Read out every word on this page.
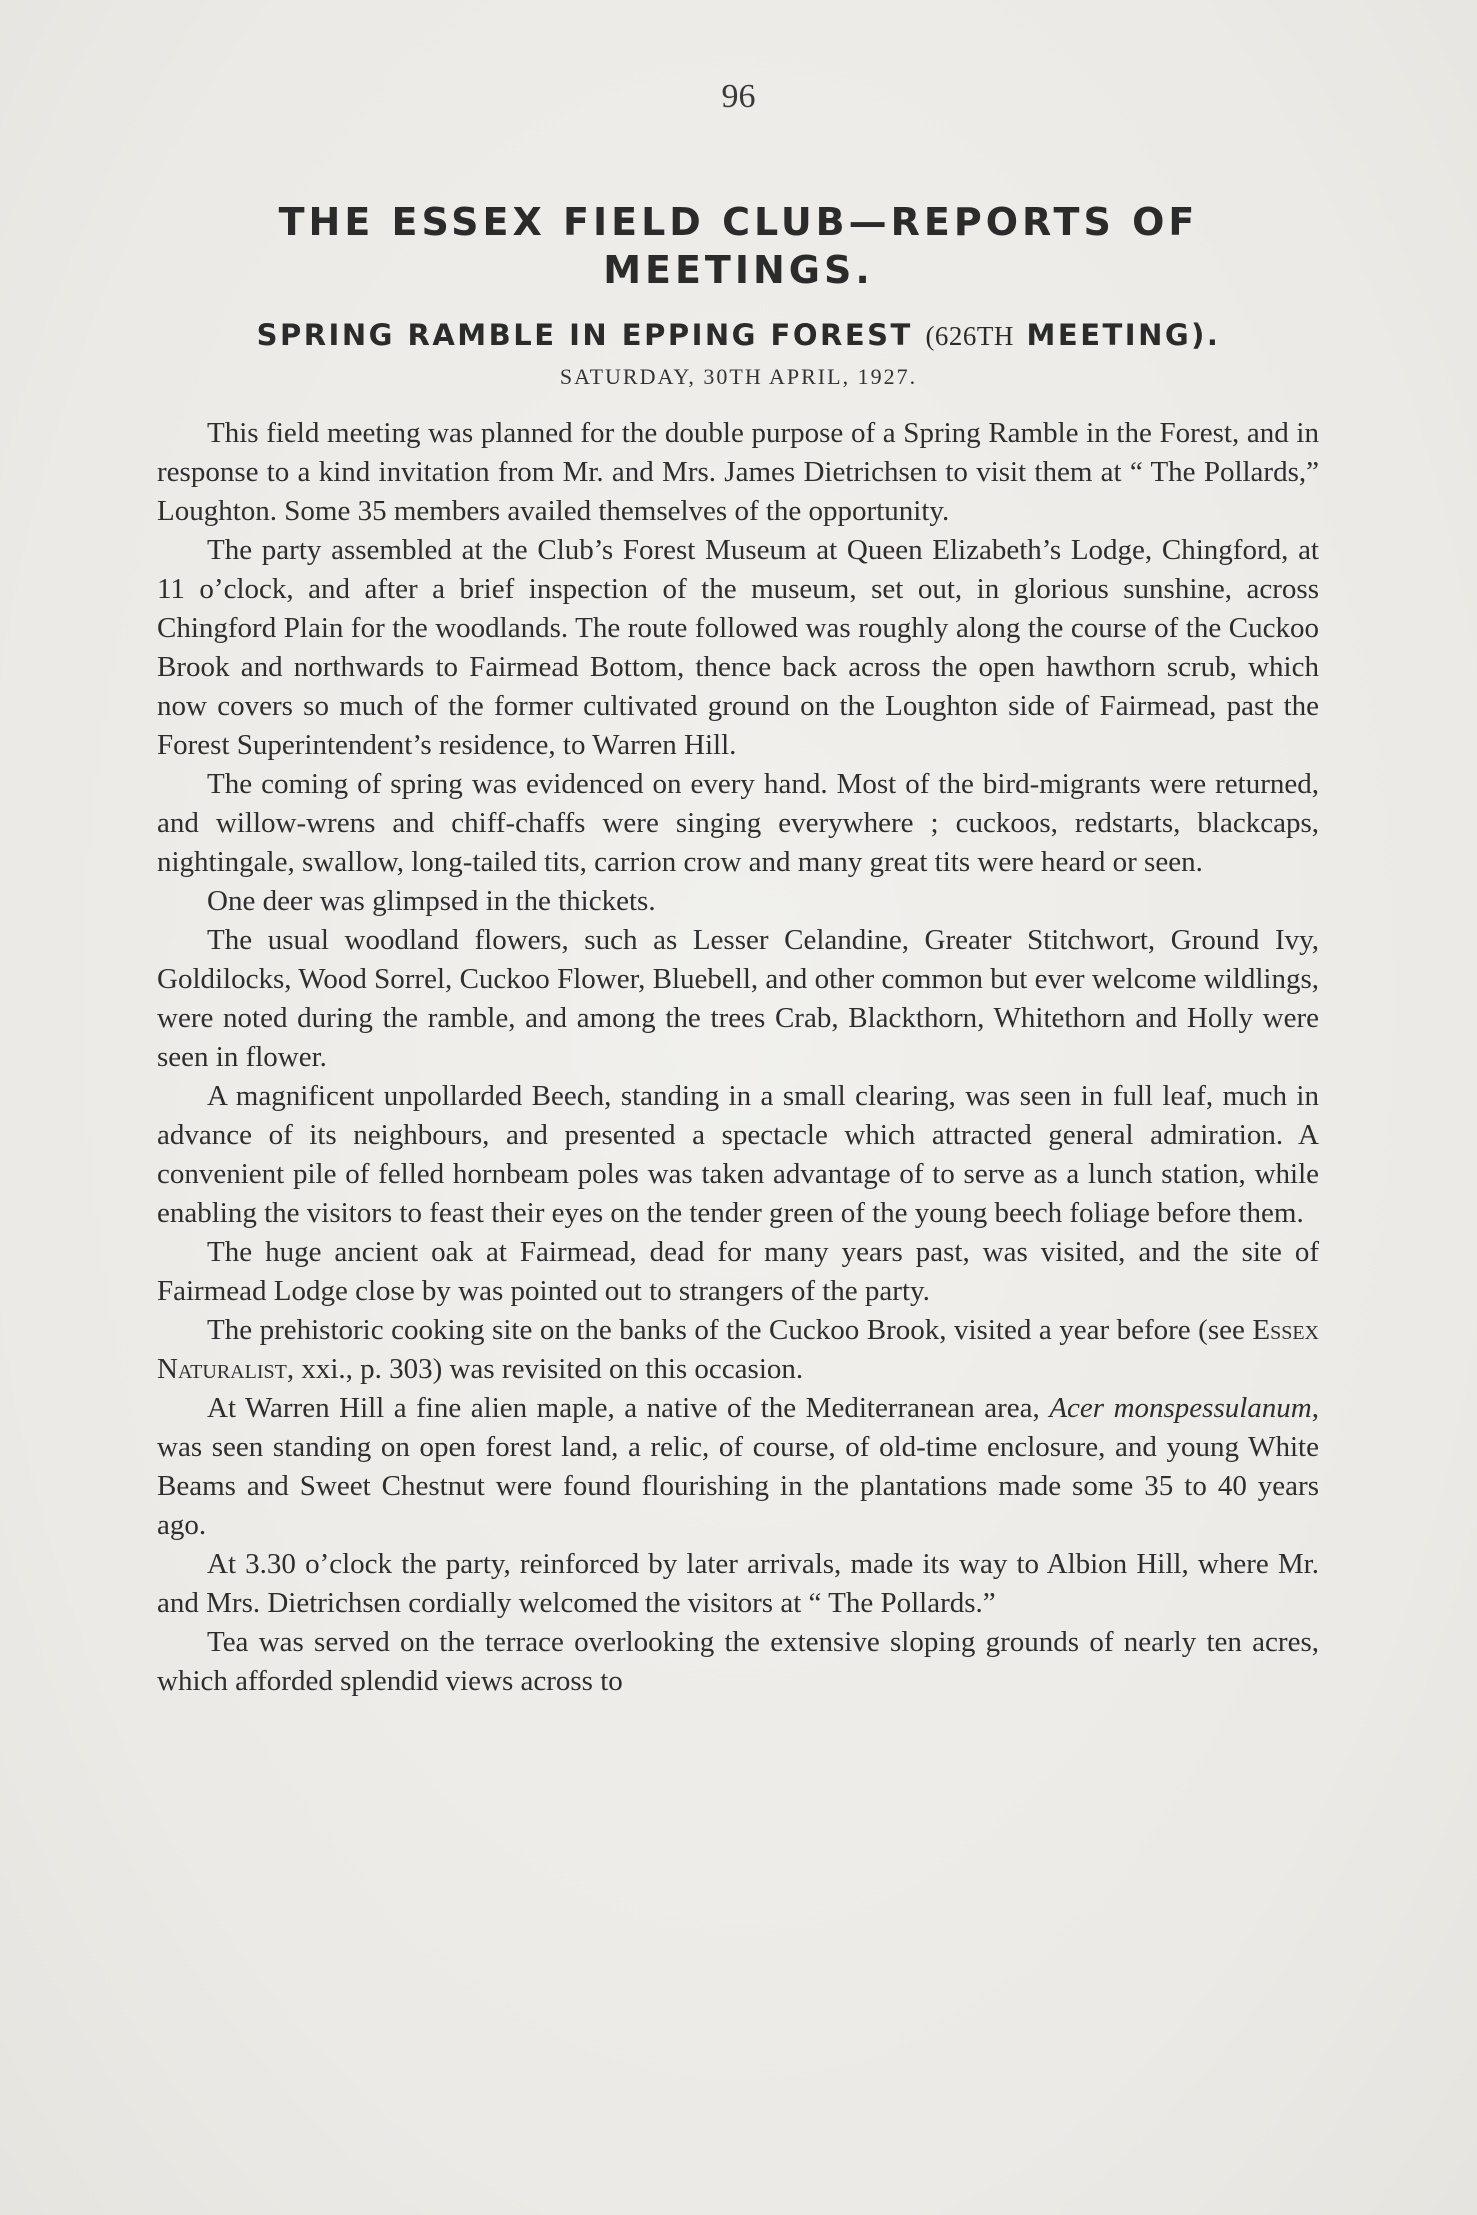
96
THE ESSEX FIELD CLUB—REPORTS OF MEETINGS.
SPRING RAMBLE IN EPPING FOREST (626TH MEETING).
SATURDAY, 30TH APRIL, 1927.

This field meeting was planned for the double purpose of a Spring Ramble in the Forest, and in response to a kind invitation from Mr. and Mrs. James Dietrichsen to visit them at “ The Pollards,” Loughton. Some 35 members availed themselves of the opportunity.

The party assembled at the Club’s Forest Museum at Queen Elizabeth’s Lodge, Chingford, at 11 o’clock, and after a brief inspection of the museum, set out, in glorious sunshine, across Chingford Plain for the woodlands. The route followed was roughly along the course of the Cuckoo Brook and northwards to Fairmead Bottom, thence back across the open hawthorn scrub, which now covers so much of the former cultivated ground on the Loughton side of Fairmead, past the Forest Superintendent’s residence, to Warren Hill.

The coming of spring was evidenced on every hand. Most of the bird-migrants were returned, and willow-wrens and chiff-chaffs were singing everywhere ; cuckoos, redstarts, blackcaps, nightingale, swallow, long-tailed tits, carrion crow and many great tits were heard or seen.

One deer was glimpsed in the thickets.

The usual woodland flowers, such as Lesser Celandine, Greater Stitchwort, Ground Ivy, Goldilocks, Wood Sorrel, Cuckoo Flower, Bluebell, and other common but ever welcome wildlings, were noted during the ramble, and among the trees Crab, Blackthorn, Whitethorn and Holly were seen in flower.

A magnificent unpollarded Beech, standing in a small clearing, was seen in full leaf, much in advance of its neighbours, and presented a spectacle which attracted general admiration. A convenient pile of felled hornbeam poles was taken advantage of to serve as a lunch station, while enabling the visitors to feast their eyes on the tender green of the young beech foliage before them.

The huge ancient oak at Fairmead, dead for many years past, was visited, and the site of Fairmead Lodge close by was pointed out to strangers of the party.

The prehistoric cooking site on the banks of the Cuckoo Brook, visited a year before (see Essex Naturalist, xxi., p. 303) was revisited on this occasion.

At Warren Hill a fine alien maple, a native of the Mediterranean area, Acer monspessulanum, was seen standing on open forest land, a relic, of course, of old-time enclosure, and young White Beams and Sweet Chestnut were found flourishing in the plantations made some 35 to 40 years ago.

At 3.30 o’clock the party, reinforced by later arrivals, made its way to Albion Hill, where Mr. and Mrs. Dietrichsen cordially welcomed the visitors at “ The Pollards.”

Tea was served on the terrace overlooking the extensive sloping grounds of nearly ten acres, which afforded splendid views across to
